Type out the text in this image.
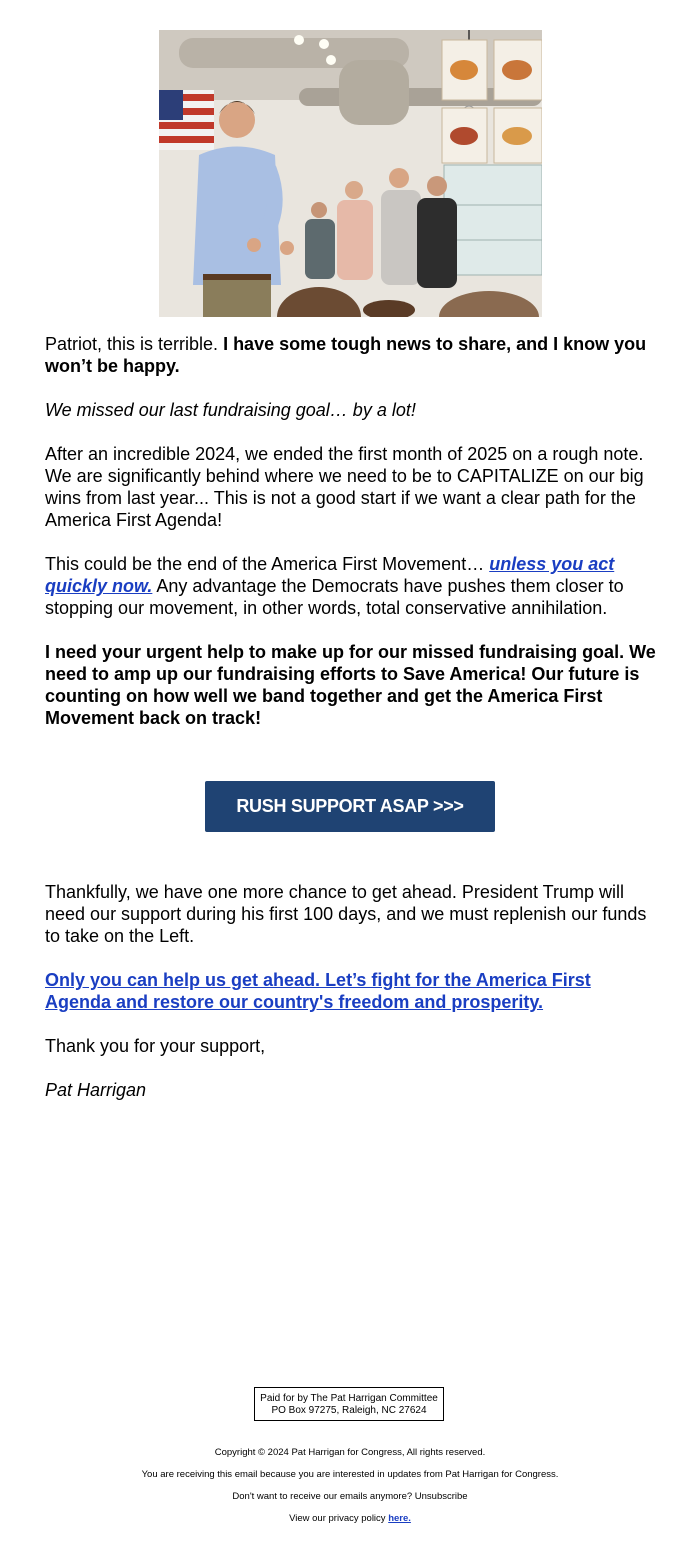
Patriot, this is terrible. I have some tough news to share, and I know you won’t be happy.

We missed our last fundraising goal… by a lot!

After an incredible 2024, we ended the first month of 2025 on a rough note. We are significantly behind where we need to be to CAPITALIZE on our big wins from last year... This is not a good start if we want a clear path for the America First Agenda!

This could be the end of the America First Movement… unless you act quickly now. Any advantage the Democrats have pushes them closer to stopping our movement, in other words, total conservative annihilation.

I need your urgent help to make up for our missed fundraising goal. We need to amp up our fundraising efforts to Save America! Our future is counting on how well we band together and get the America First Movement back on track!

RUSH SUPPORT ASAP >>>

Thankfully, we have one more chance to get ahead. President Trump will need our support during his first 100 days, and we must replenish our funds to take on the Left.

Only you can help us get ahead. Let’s fight for the America First Agenda and restore our country's freedom and prosperity.

Thank you for your support,

Pat Harrigan

Paid for by The Pat Harrigan Committee
PO Box 97275, Raleigh, NC 27624

Copyright © 2024 Pat Harrigan for Congress, All rights reserved.

You are receiving this email because you are interested in updates from Pat Harrigan for Congress.

Don't want to receive our emails anymore? Unsubscribe

View our privacy policy here.
